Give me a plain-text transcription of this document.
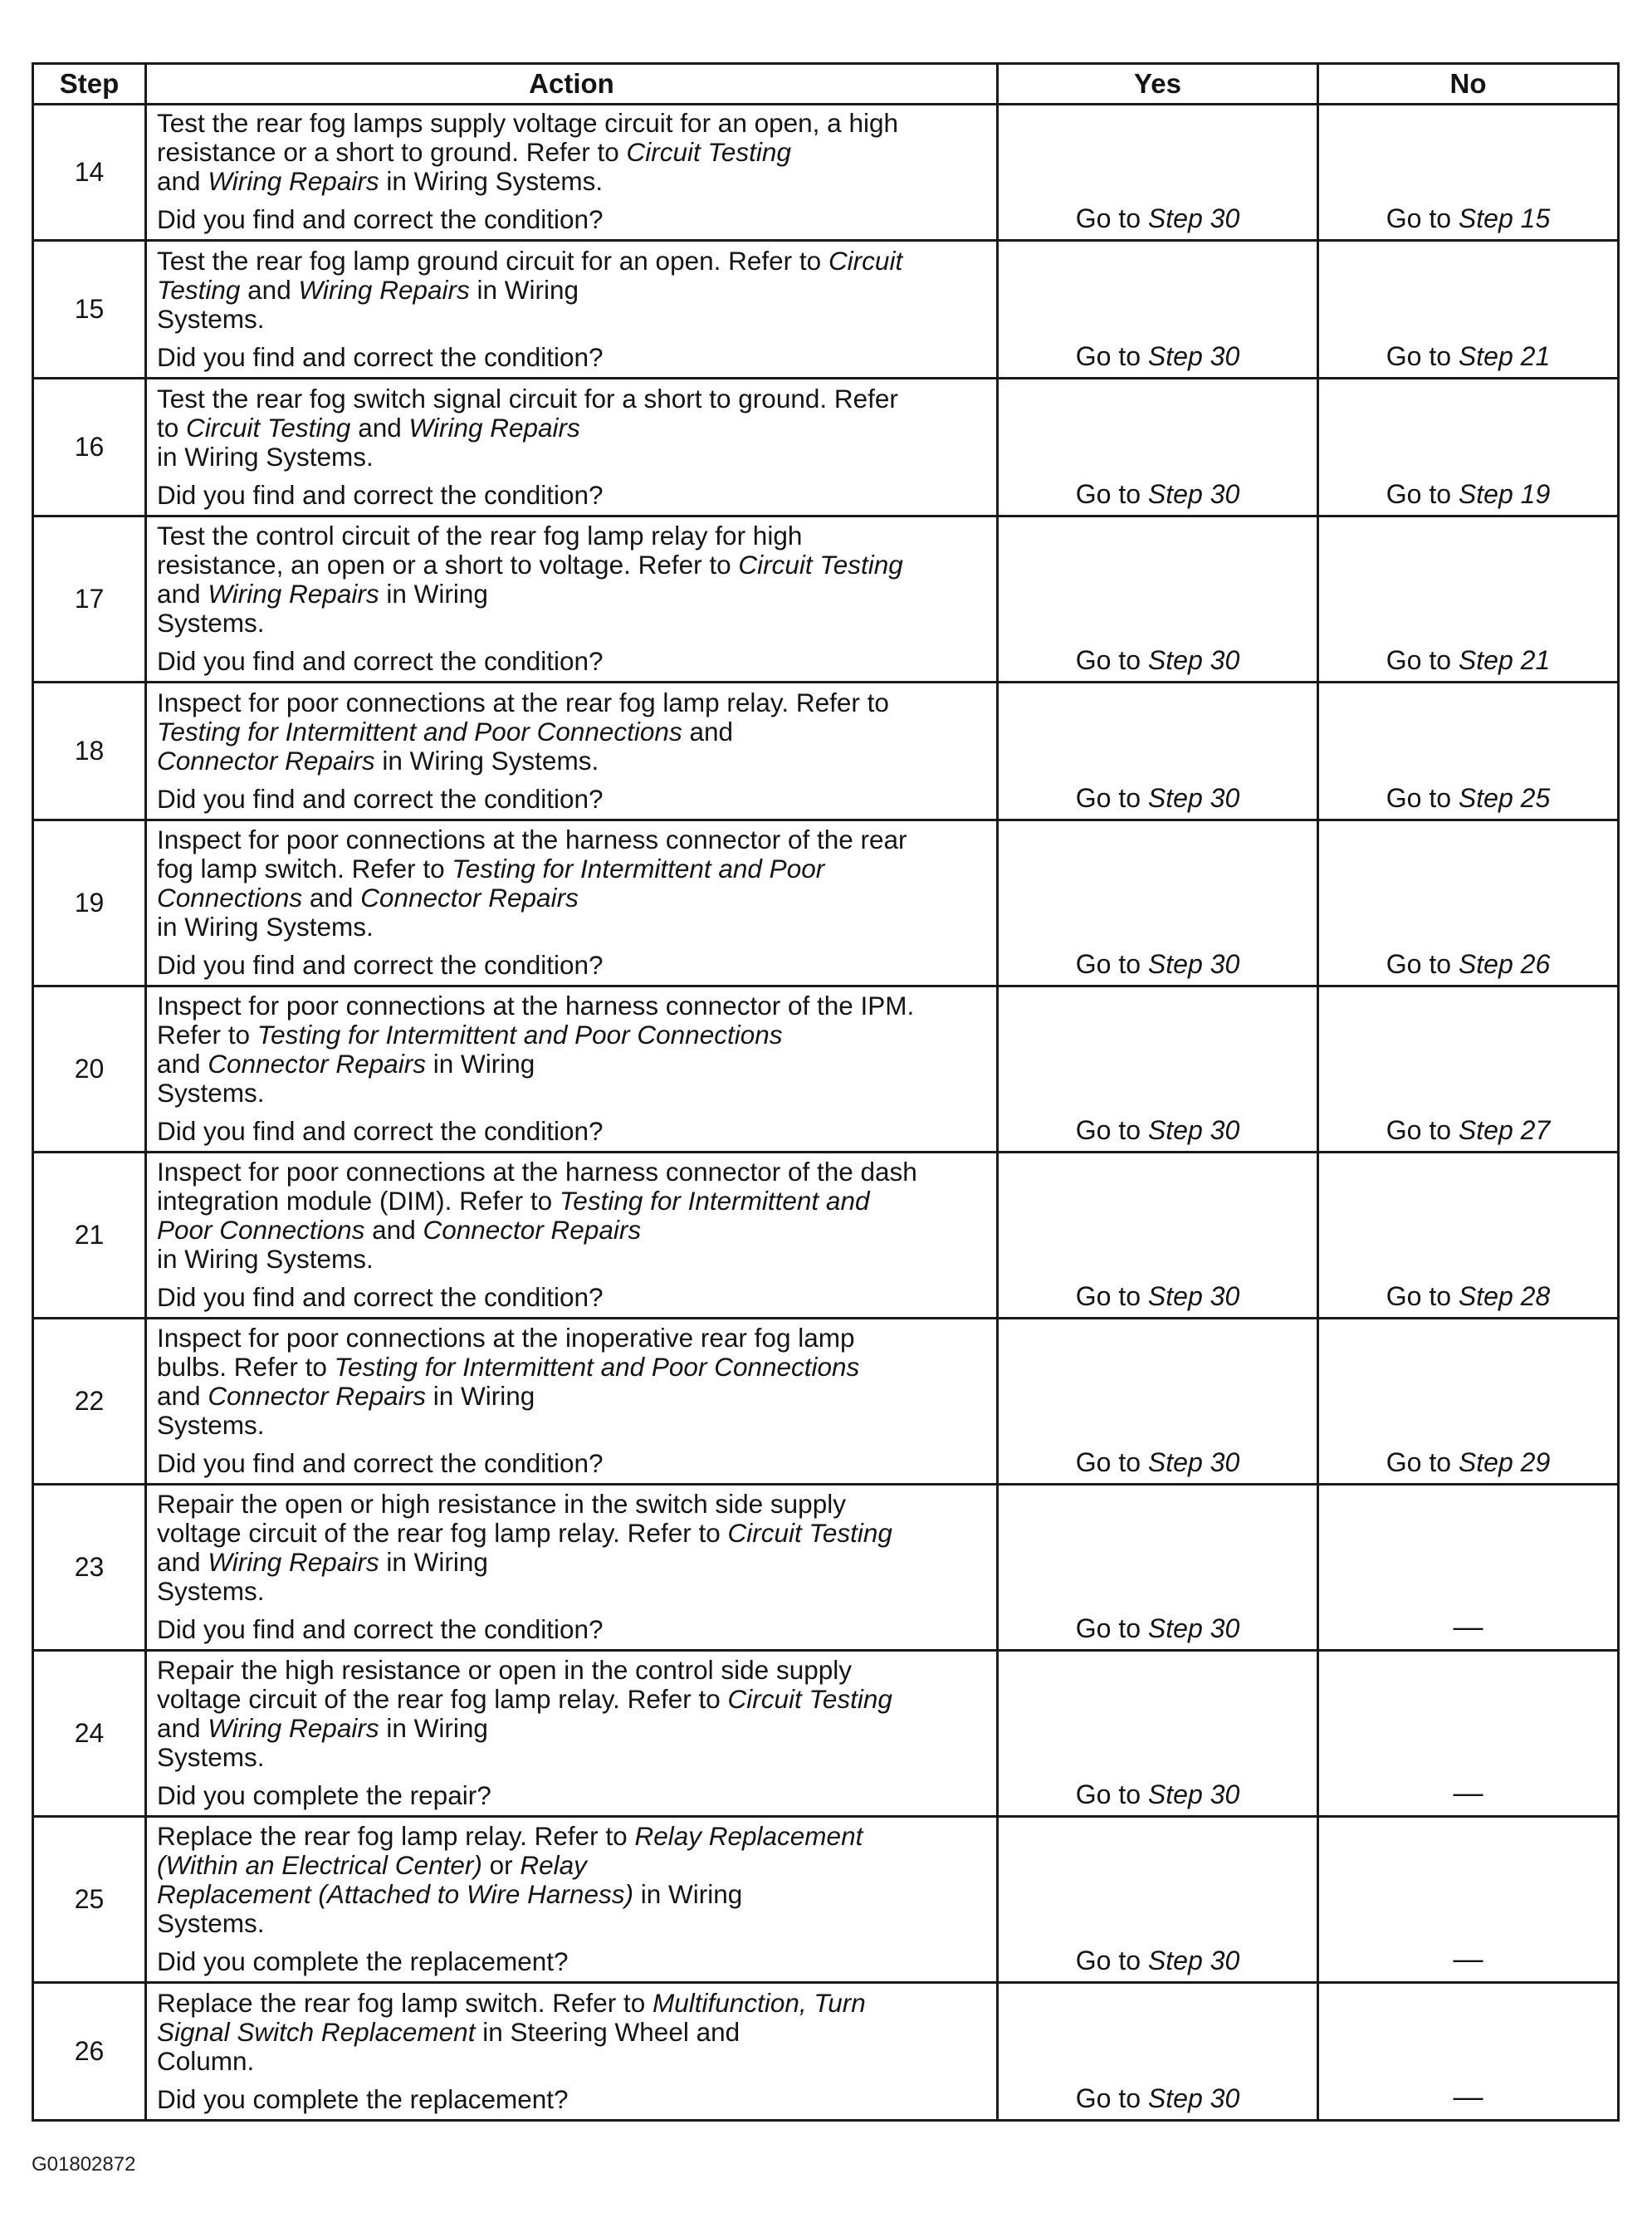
Step	Action	Yes	No
14	Test the rear fog lamps supply voltage circuit for an open, a high
resistance or a short to ground. Refer to Circuit Testing
and Wiring Repairs in Wiring Systems.
Did you find and correct the condition?	Go to Step 30	Go to Step 15
15	Test the rear fog lamp ground circuit for an open. Refer to Circuit
Testing and Wiring Repairs in Wiring
Systems.
Did you find and correct the condition?	Go to Step 30	Go to Step 21
16	Test the rear fog switch signal circuit for a short to ground. Refer
to Circuit Testing and Wiring Repairs
in Wiring Systems.
Did you find and correct the condition?	Go to Step 30	Go to Step 19
17	Test the control circuit of the rear fog lamp relay for high
resistance, an open or a short to voltage. Refer to Circuit Testing
and Wiring Repairs in Wiring
Systems.
Did you find and correct the condition?	Go to Step 30	Go to Step 21
18	Inspect for poor connections at the rear fog lamp relay. Refer to
Testing for Intermittent and Poor Connections and
Connector Repairs in Wiring Systems.
Did you find and correct the condition?	Go to Step 30	Go to Step 25
19	Inspect for poor connections at the harness connector of the rear
fog lamp switch. Refer to Testing for Intermittent and Poor
Connections and Connector Repairs
in Wiring Systems.
Did you find and correct the condition?	Go to Step 30	Go to Step 26
20	Inspect for poor connections at the harness connector of the IPM.
Refer to Testing for Intermittent and Poor Connections
and Connector Repairs in Wiring
Systems.
Did you find and correct the condition?	Go to Step 30	Go to Step 27
21	Inspect for poor connections at the harness connector of the dash
integration module (DIM). Refer to Testing for Intermittent and
Poor Connections and Connector Repairs
in Wiring Systems.
Did you find and correct the condition?	Go to Step 30	Go to Step 28
22	Inspect for poor connections at the inoperative rear fog lamp
bulbs. Refer to Testing for Intermittent and Poor Connections
and Connector Repairs in Wiring
Systems.
Did you find and correct the condition?	Go to Step 30	Go to Step 29
23	Repair the open or high resistance in the switch side supply
voltage circuit of the rear fog lamp relay. Refer to Circuit Testing
and Wiring Repairs in Wiring
Systems.
Did you find and correct the condition?	Go to Step 30	—
24	Repair the high resistance or open in the control side supply
voltage circuit of the rear fog lamp relay. Refer to Circuit Testing
and Wiring Repairs in Wiring
Systems.
Did you complete the repair?	Go to Step 30	—
25	Replace the rear fog lamp relay. Refer to Relay Replacement
(Within an Electrical Center) or Relay
Replacement (Attached to Wire Harness) in Wiring
Systems.
Did you complete the replacement?	Go to Step 30	—
26	Replace the rear fog lamp switch. Refer to Multifunction, Turn
Signal Switch Replacement in Steering Wheel and
Column.
Did you complete the replacement?	Go to Step 30	—
G01802872
